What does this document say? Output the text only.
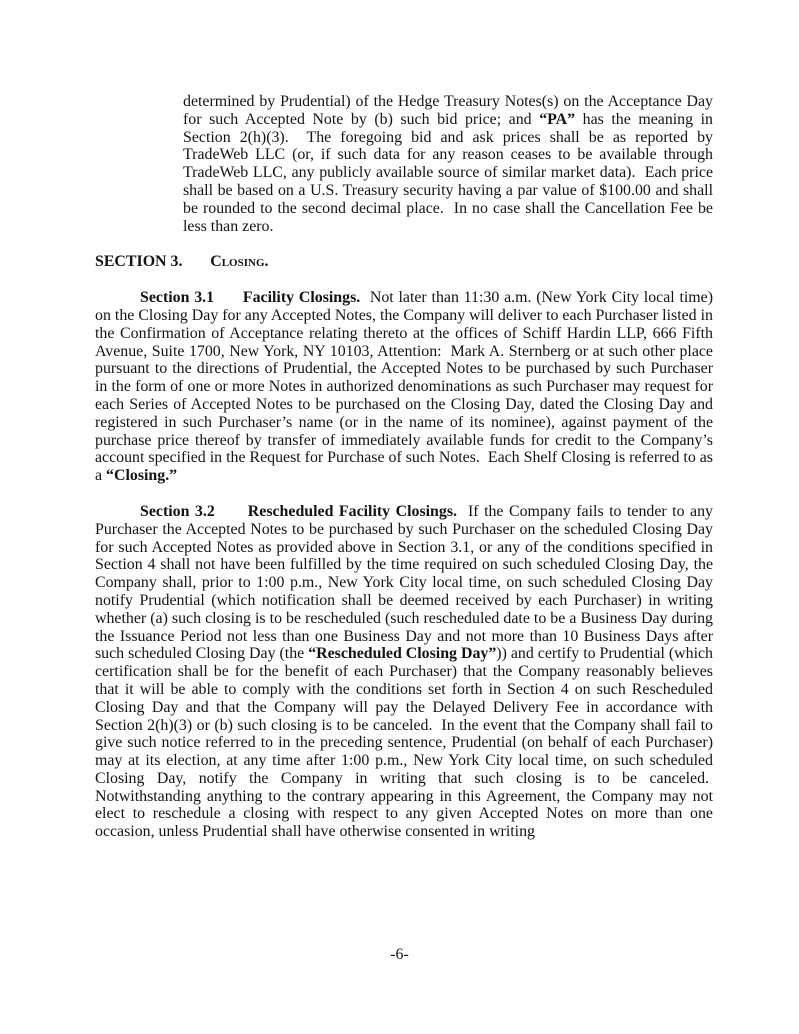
determined by Prudential) of the Hedge Treasury Notes(s) on the Acceptance Day for such Accepted Note by (b) such bid price; and “PA” has the meaning in Section 2(h)(3).  The foregoing bid and ask prices shall be as reported by TradeWeb LLC (or, if such data for any reason ceases to be available through TradeWeb LLC, any publicly available source of similar market data).  Each price shall be based on a U.S. Treasury security having a par value of $100.00 and shall be rounded to the second decimal place.  In no case shall the Cancellation Fee be less than zero.

SECTION 3. Closing.

Section 3.1      Facility Closings.  Not later than 11:30 a.m. (New York City local time) on the Closing Day for any Accepted Notes, the Company will deliver to each Purchaser listed in the Confirmation of Acceptance relating thereto at the offices of Schiff Hardin LLP, 666 Fifth Avenue, Suite 1700, New York, NY 10103, Attention:  Mark A. Sternberg or at such other place pursuant to the directions of Prudential, the Accepted Notes to be purchased by such Purchaser in the form of one or more Notes in authorized denominations as such Purchaser may request for each Series of Accepted Notes to be purchased on the Closing Day, dated the Closing Day and registered in such Purchaser’s name (or in the name of its nominee), against payment of the purchase price thereof by transfer of immediately available funds for credit to the Company’s account specified in the Request for Purchase of such Notes.  Each Shelf Closing is referred to as a “Closing.”

Section 3.2      Rescheduled Facility Closings.  If the Company fails to tender to any Purchaser the Accepted Notes to be purchased by such Purchaser on the scheduled Closing Day for such Accepted Notes as provided above in Section 3.1, or any of the conditions specified in Section 4 shall not have been fulfilled by the time required on such scheduled Closing Day, the Company shall, prior to 1:00 p.m., New York City local time, on such scheduled Closing Day notify Prudential (which notification shall be deemed received by each Purchaser) in writing whether (a) such closing is to be rescheduled (such rescheduled date to be a Business Day during the Issuance Period not less than one Business Day and not more than 10 Business Days after such scheduled Closing Day (the “Rescheduled Closing Day”)) and certify to Prudential (which certification shall be for the benefit of each Purchaser) that the Company reasonably believes that it will be able to comply with the conditions set forth in Section 4 on such Rescheduled Closing Day and that the Company will pay the Delayed Delivery Fee in accordance with Section 2(h)(3) or (b) such closing is to be canceled.  In the event that the Company shall fail to give such notice referred to in the preceding sentence, Prudential (on behalf of each Purchaser) may at its election, at any time after 1:00 p.m., New York City local time, on such scheduled Closing Day, notify the Company in writing that such closing is to be canceled.  Notwithstanding anything to the contrary appearing in this Agreement, the Company may not elect to reschedule a closing with respect to any given Accepted Notes on more than one occasion, unless Prudential shall have otherwise consented in writing

-6-
